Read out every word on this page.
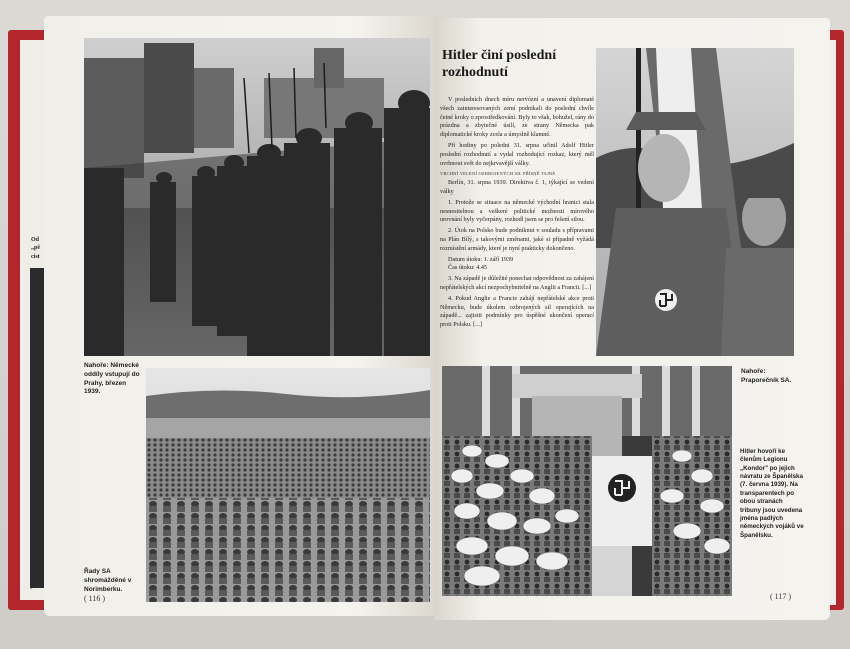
Od
„pě
cist
( 14
Nahoře: Německé oddíly vstupují do Prahy, březen 1939.
Řady SA shromážděné v Norimberku.
( 116 )
Hitler činí poslední rozhodnutí

V posledních dnech míru nervózní a unavení diplomaté všech zainteresovaných zemí podnikali do poslední chvíle četné kroky o zprostředkování. Byly to však, bohužel, rány do prázdna a zbytečné úsilí, ze strany Německa pak diplomatické kroky zcela a úmyslně klamné.

Při hodiny po poledni 31. srpna učinil Adolf Hitler poslední rozhodnutí a vydal rozhodující rozkaz, který měl uvrhnout svět do nejkrvavější války.

VRCHNÍ VELENÍ OZBROJENÝCH SIL PŘÍSNĚ TAJNÉ

Berlín, 31. srpna 1939. Direktiva č. 1, týkající se vedení války

1. Protože se situace na německé východní hranici stala nesnesitelnou a veškeré politické možnosti mírového urovnání byly vyčerpány, rozhodl jsem se pro řešení silou.

2. Útok na Polsko bude podniknut v souladu s přípravami na Plán Bílý, s takovými změnami, jaké si případně vyžádá rozmístění armády, které je nyní prakticky dokončeno.

Datum útoku: 1. září 1939

Čas útoku: 4.45

3. Na západě je důležité ponechat odpovědnost za zahájení nepřátelských akcí nezpochybnitelně na Anglii a Francii. [...]

4. Pokud Anglie a Francie zahájí nepřátelské akce proti Německu, bude úkolem ozbrojených sil operujících na západě... zajistit podmínky pro úspěšné ukončení operací proti Polsku. [...]

Nahoře: Praporečník SA.
Hitler hovoří ke členům Legionu „Kondor" po jejich návratu ze Španělska (7. června 1939). Na transparentech po obou stranách tribuny jsou uvedena jména padlých německých vojáků ve Španělsku.
( 117 )
